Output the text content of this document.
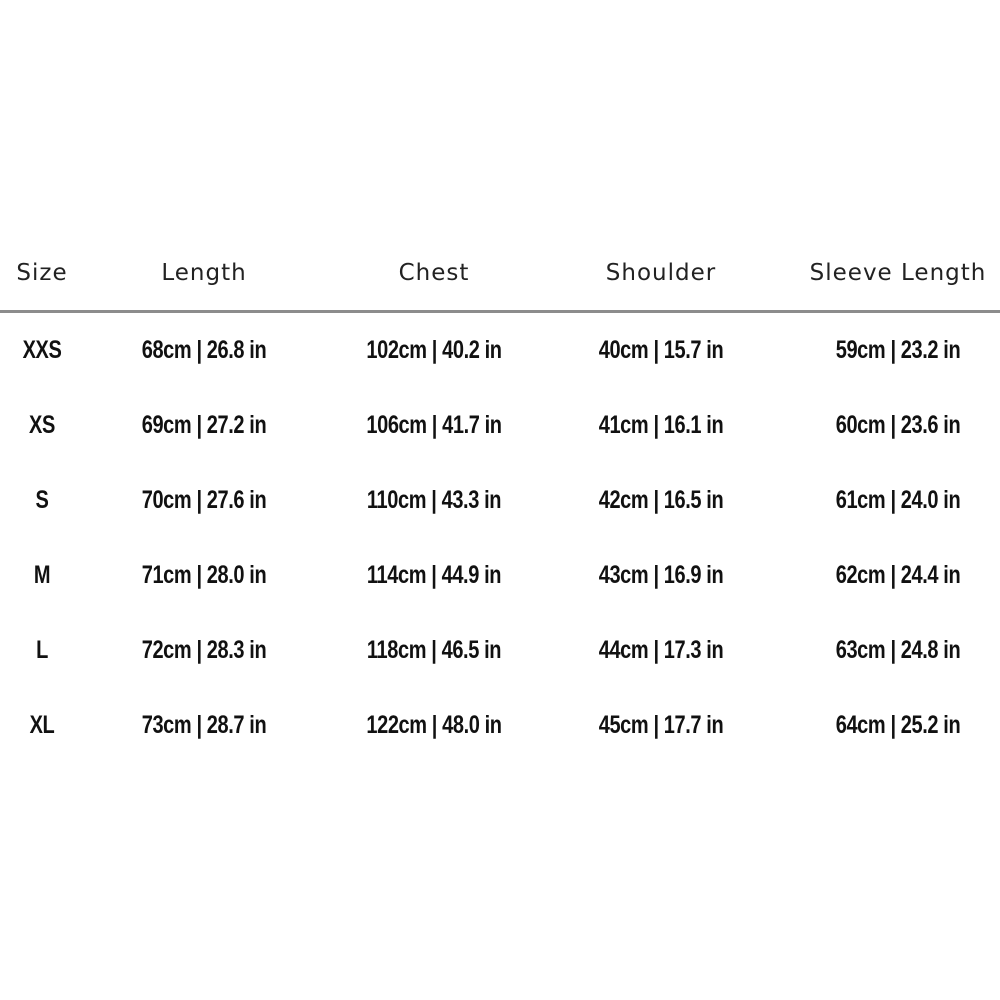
Size	Length	Chest	Shoulder	Sleeve Length
XXS	68cm | 26.8 in	102cm | 40.2 in	40cm | 15.7 in	59cm | 23.2 in
XS	69cm | 27.2 in	106cm | 41.7 in	41cm | 16.1 in	60cm | 23.6 in
S	70cm | 27.6 in	110cm | 43.3 in	42cm | 16.5 in	61cm | 24.0 in
M	71cm | 28.0 in	114cm | 44.9 in	43cm | 16.9 in	62cm | 24.4 in
L	72cm | 28.3 in	118cm | 46.5 in	44cm | 17.3 in	63cm | 24.8 in
XL	73cm | 28.7 in	122cm | 48.0 in	45cm | 17.7 in	64cm | 25.2 in
